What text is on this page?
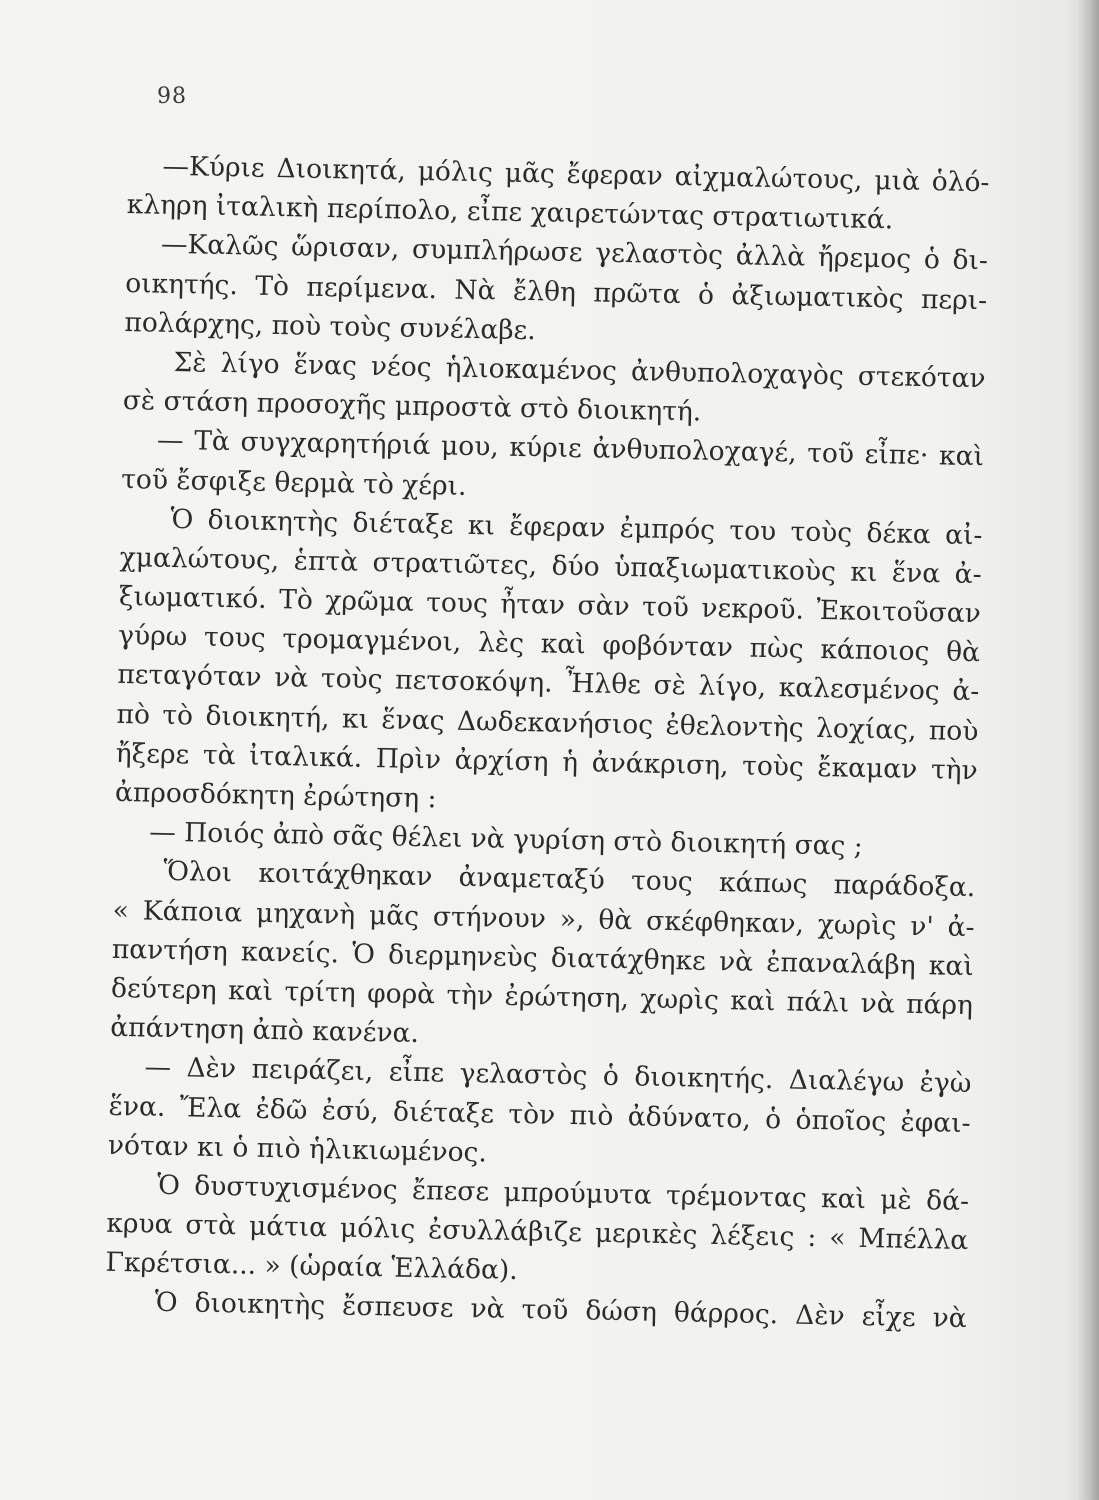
98
—Κύριε Διοικητά, μόλις μᾶς ἔφεραν αἰχμαλώτους, μιὰ ὁλό-
κληρη ἰταλικὴ περίπολο, εἶπε χαιρετώντας στρατιωτικά.
—Καλῶς ὥρισαν, συμπλήρωσε γελαστὸς ἀλλὰ ἤρεμος ὁ δι-
οικητής. Τὸ περίμενα. Νὰ ἔλθη πρῶτα ὁ ἀξιωματικὸς περι-
πολάρχης, ποὺ τοὺς συνέλαβε.
Σὲ λίγο ἕνας νέος ἡλιοκαμένος ἀνθυπολοχαγὸς στεκόταν
σὲ στάση προσοχῆς μπροστὰ στὸ διοικητή.
— Τὰ συγχαρητήριά μου, κύριε ἀνθυπολοχαγέ, τοῦ εἶπε· καὶ
τοῦ ἔσφιξε θερμὰ τὸ χέρι.
Ὁ διοικητὴς διέταξε κι ἔφεραν ἐμπρός του τοὺς δέκα αἰ-
χμαλώτους, ἑπτὰ στρατιῶτες, δύο ὑπαξιωματικοὺς κι ἕνα ἀ-
ξιωματικό. Τὸ χρῶμα τους ἦταν σὰν τοῦ νεκροῦ. Ἐκοιτοῦσαν
γύρω τους τρομαγμένοι, λὲς καὶ φοβόνταν πὼς κάποιος θὰ
πεταγόταν νὰ τοὺς πετσοκόψη. Ἦλθε σὲ λίγο, καλεσμένος ἀ-
πὸ τὸ διοικητή, κι ἕνας Δωδεκανήσιος ἐθελοντὴς λοχίας, ποὺ
ἤξερε τὰ ἰταλικά. Πρὶν ἀρχίση ἡ ἀνάκριση, τοὺς ἔκαμαν τὴν
ἀπροσδόκητη ἐρώτηση :
— Ποιός ἀπὸ σᾶς θέλει νὰ γυρίση στὸ διοικητή σας ;
Ὅλοι κοιτάχθηκαν ἀναμεταξύ τους κάπως παράδοξα.
« Κάποια μηχανὴ μᾶς στήνουν », θὰ σκέφθηκαν, χωρὶς ν' ἀ-
παντήση κανείς. Ὁ διερμηνεὺς διατάχθηκε νὰ ἐπαναλάβη καὶ
δεύτερη καὶ τρίτη φορὰ τὴν ἐρώτηση, χωρὶς καὶ πάλι νὰ πάρη
ἀπάντηση ἀπὸ κανένα.
— Δὲν πειράζει, εἶπε γελαστὸς ὁ διοικητής. Διαλέγω ἐγὼ
ἕνα. Ἔλα ἐδῶ ἐσύ, διέταξε τὸν πιὸ ἀδύνατο, ὁ ὁποῖος ἐφαι-
νόταν κι ὁ πιὸ ἡλικιωμένος.
Ὁ δυστυχισμένος ἔπεσε μπρούμυτα τρέμοντας καὶ μὲ δά-
κρυα στὰ μάτια μόλις ἐσυλλάβιζε μερικὲς λέξεις : « Μπέλλα
Γκρέτσια... » (ὡραία Ἑλλάδα).
Ὁ διοικητὴς ἔσπευσε νὰ τοῦ δώση θάρρος. Δὲν εἶχε νὰ
